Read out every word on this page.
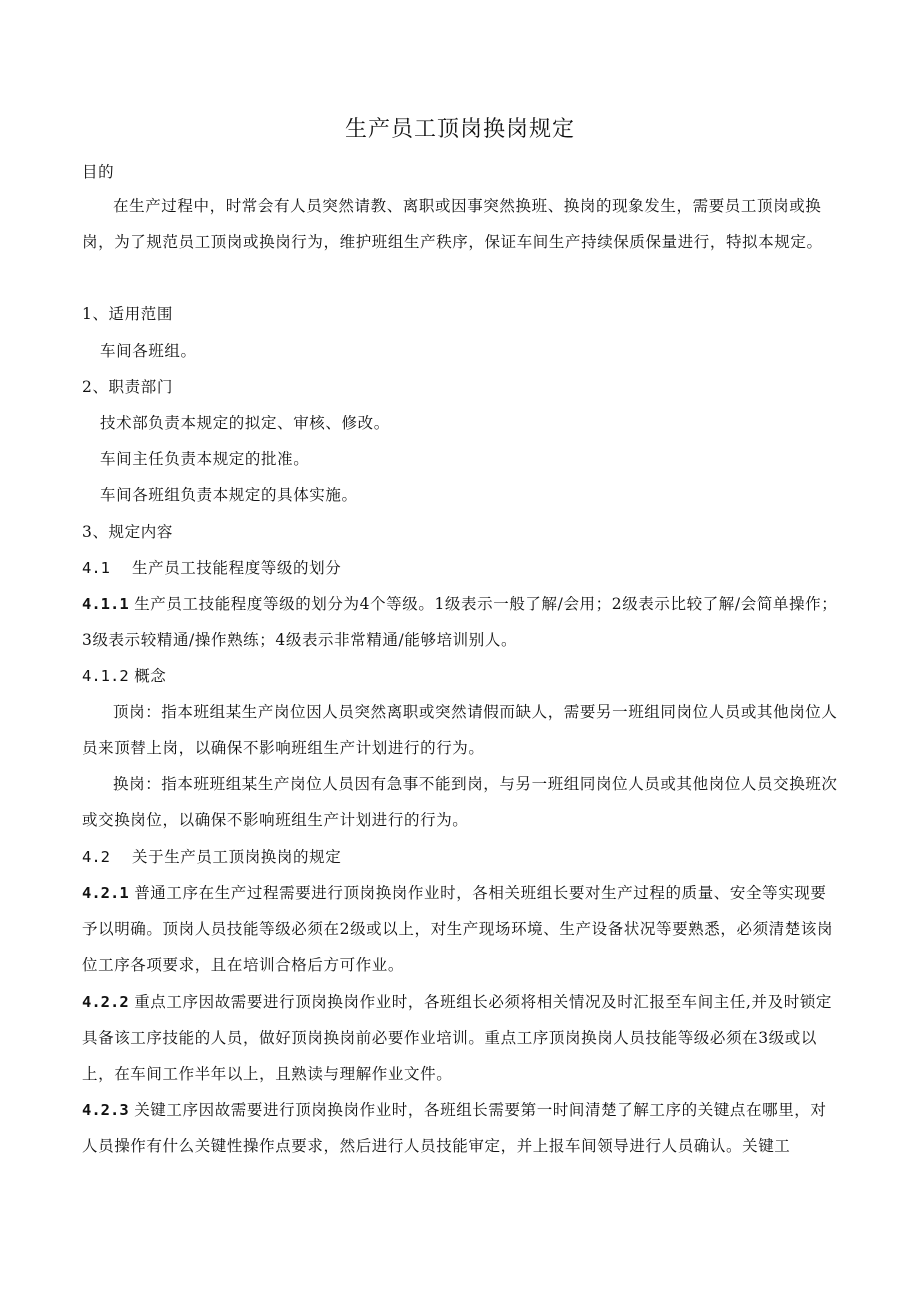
生产员工顶岗换岗规定

目的

在生产过程中，时常会有人员突然请教、离职或因事突然换班、换岗的现象发生，需要员工顶岗或换岗，为了规范员工顶岗或换岗行为，维护班组生产秩序，保证车间生产持续保质保量进行，特拟本规定。

1、适用范围

车间各班组。

2、职责部门

技术部负责本规定的拟定、审核、修改。

车间主任负责本规定的批准。

车间各班组负责本规定的具体实施。

3、规定内容

4.1 生产员工技能程度等级的划分

4.1.1 生产员工技能程度等级的划分为4个等级。1级表示一般了解/会用；2级表示比较了解/会简单操作；3级表示较精通/操作熟练；4级表示非常精通/能够培训别人。

4.1.2 概念

顶岗：指本班组某生产岗位因人员突然离职或突然请假而缺人，需要另一班组同岗位人员或其他岗位人员来顶替上岗，以确保不影响班组生产计划进行的行为。

换岗：指本班班组某生产岗位人员因有急事不能到岗，与另一班组同岗位人员或其他岗位人员交换班次或交换岗位，以确保不影响班组生产计划进行的行为。

4.2 关于生产员工顶岗换岗的规定

4.2.1 普通工序在生产过程需要进行顶岗换岗作业时，各相关班组长要对生产过程的质量、安全等实现要予以明确。顶岗人员技能等级必须在2级或以上，对生产现场环境、生产设备状况等要熟悉，必须清楚该岗位工序各项要求，且在培训合格后方可作业。

4.2.2 重点工序因故需要进行顶岗换岗作业时，各班组长必须将相关情况及时汇报至车间主任,并及时锁定具备该工序技能的人员，做好顶岗换岗前必要作业培训。重点工序顶岗换岗人员技能等级必须在3级或以上，在车间工作半年以上，且熟读与理解作业文件。

4.2.3 关键工序因故需要进行顶岗换岗作业时，各班组长需要第一时间清楚了解工序的关键点在哪里，对人员操作有什么关键性操作点要求，然后进行人员技能审定，并上报车间领导进行人员确认。关键工
